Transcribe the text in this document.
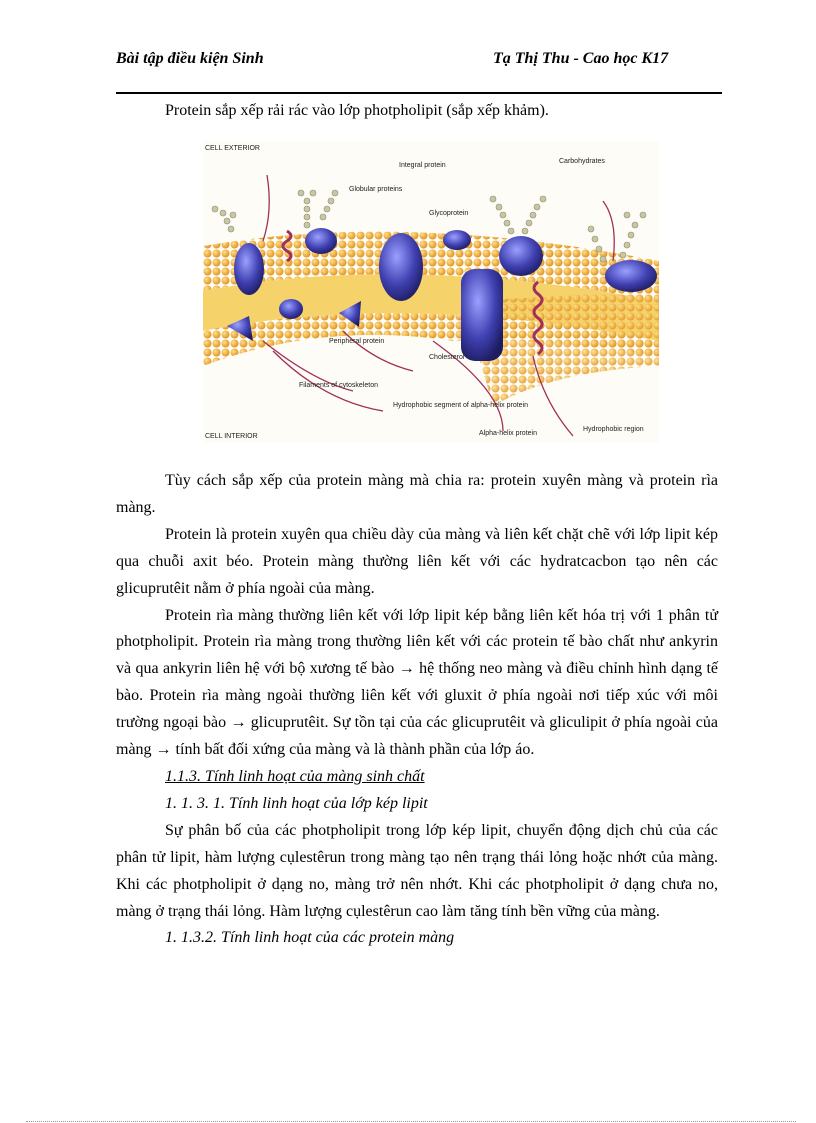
Bài tập điều kiện Sinh	Tạ Thị Thu - Cao học K17
Protein sắp xếp rải rác vào lớp photpholipit (sắp xếp khảm).
CELL EXTERIOR
CELL INTERIOR
Integral protein
Globular proteins
Glycoprotein
Carbohydrates
Peripheral protein
Cholesterol
Filaments of cytoskeleton
Hydrophobic segment of alpha-helix protein
Alpha-helix protein
Hydrophobic region

Tùy cách sắp xếp của protein màng mà chia ra: protein xuyên màng và protein rìa màng.

Protein là protein xuyên qua chiều dày của màng và liên kết chặt chẽ với lớp lipit kép qua chuỗi axit béo. Protein màng thường liên kết với các hydratcacbon tạo nên các glicuprutêit nằm ở phía ngoài của màng.

Protein rìa màng thường liên kết với lớp lipit kép bằng liên kết hóa trị với 1 phân tử photpholipit. Protein rìa màng trong thường liên kết với các protein tế bào chất như ankyrin và qua ankyrin liên hệ với bộ xương tế bào → hệ thống neo màng và điều chỉnh hình dạng tế bào. Protein rìa màng ngoài thường liên kết với gluxit ở phía ngoài nơi tiếp xúc với môi trường ngoại bào → glicuprutêit. Sự tồn tại của các glicuprutêit và gliculipit ở phía ngoài của màng → tính bất đối xứng của màng và là thành phần của lớp áo.

1.1.3. Tính linh hoạt của màng sinh chất

1. 1. 3. 1. Tính linh hoạt của lớp kép lipit

Sự phân bố của các photpholipit trong lớp kép lipit, chuyển động dịch chủ của các phân tử lipit, hàm lượng cụlestêrun trong màng tạo nên trạng thái lỏng hoặc nhớt của màng. Khi các photpholipit ở dạng no, màng trở nên nhớt. Khi các photpholipit ở dạng chưa no, màng ở trạng thái lỏng. Hàm lượng cụlestêrun cao làm tăng tính bền vững của màng.

1. 1.3.2. Tính linh hoạt của các protein màng
